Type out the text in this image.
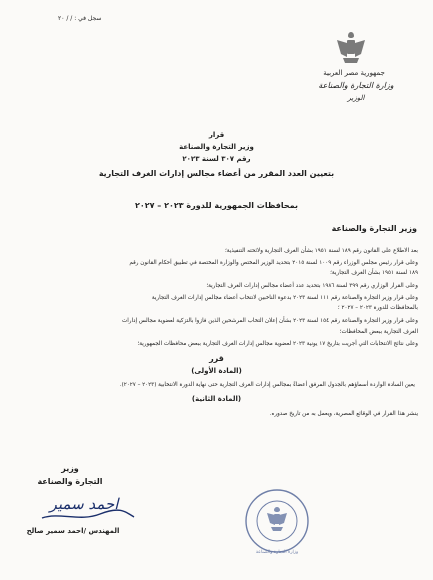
سجل في : / / ٢٠
جمهورية مصر العربية
وزارة التجارة والصناعة
الوزير
قرار
وزير التجارة والصناعة
رقم ٣٠٧ لسنة ٢٠٢٣
بتعيين العدد المقرر من أعضاء مجالس إدارات الغرف التجارية
بمحافظات الجمهورية للدورة ٢٠٢٣ – ٢٠٢٧
وزير التجارة والصناعة
بعد الاطلاع على القانون رقم ١٨٩ لسنة ١٩٥١ بشأن الغرف التجارية ولائحته التنفيذية؛
وعلى قرار رئيس مجلس الوزراء رقم ١٠٠٩ لسنة ٢٠١٥ بتحديد الوزير المختص والوزارة المختصة في تطبيق أحكام القانون رقم
١٨٩ لسنة ١٩٥١ بشأن الغرف التجارية؛
وعلى القرار الوزاري رقم ٣٩٩ لسنة ١٩٨٦ بتحديد عدد أعضاء مجالس إدارات الغرف التجارية؛
وعلى قرار وزير التجارة والصناعة رقم ١١١ لسنة ٢٠٢٣ بدعوة الناخبين لانتخاب أعضاء مجالس إدارات الغرف التجارية
بالمحافظات للدورة ٢٠٢٣ – ٢٠٢٧ ؛
وعلى قرار وزير التجارة والصناعة رقم ١٥٤ لسنة ٢٠٢٣ بشأن إعلان التخاب المرشحين الذين فازوا بالتزكية لعضوية مجالس إدارات
الغرف التجارية ببعض المحافظات؛
وعلى نتائج الانتخابات التي أجريت بتاريخ ١٧ يونية ٢٠٢٣ لعضوية مجالس إدارات الغرف التجارية ببعض محافظات الجمهورية؛
قرر
(المادة الأولى)
يعين السادة الواردة أسماؤهم بالجدول المرفق أعضاءً بمجالس إدارات الغرف التجارية حتى نهاية الدورة الانتخابية (٢٠٢٣ – ٢٠٢٧).
(المادة الثانية)
ينشر هذا القرار في الوقائع المصرية، ويعمل به من تاريخ صدوره.
وزير
التجارة والصناعة
احمد سمير
المهندس /احمد سمير صالح
وزارة التجارة والصناعة
